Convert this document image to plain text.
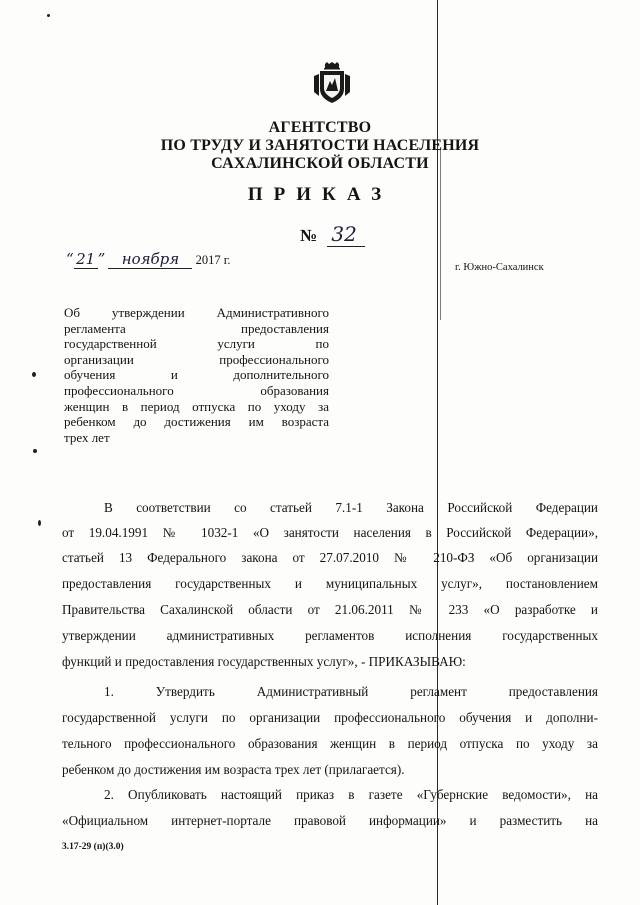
АГЕНТСТВО
ПО ТРУДУ И ЗАНЯТОСТИ НАСЕЛЕНИЯ
САХАЛИНСКОЙ ОБЛАСТИ
ПРИКАЗ
№ 32
“ 21 ” ноября 2017 г.
г. Южно-Сахалинск
Об утверждении Административного
регламента предоставления
государственной услуги по
организации профессионального
обучения и дополнительного
профессионального образования
женщин в период отпуска по уходу за
ребенком до достижения им возраста
трех лет
В соответствии со статьей 7.1-1 Закона Российской Федерации
от 19.04.1991 № 1032-1 «О занятости населения в Российской Федерации»,
статьей 13 Федерального закона от 27.07.2010 № 210-ФЗ «Об организации
предоставления государственных и муниципальных услуг», постановлением
Правительства Сахалинской области от 21.06.2011 № 233 «О разработке и
утверждении административных регламентов исполнения государственных
функций и предоставления государственных услуг», - ПРИКАЗЫВАЮ:
1. Утвердить Административный регламент предоставления
государственной услуги по организации профессионального обучения и дополни-
тельного профессионального образования женщин в период отпуска по уходу за
ребенком до достижения им возраста трех лет (прилагается).
2. Опубликовать настоящий приказ в газете «Губернские ведомости», на
«Официальном интернет-портале правовой информации» и разместить на
3.17-29 (п)(3.0)
